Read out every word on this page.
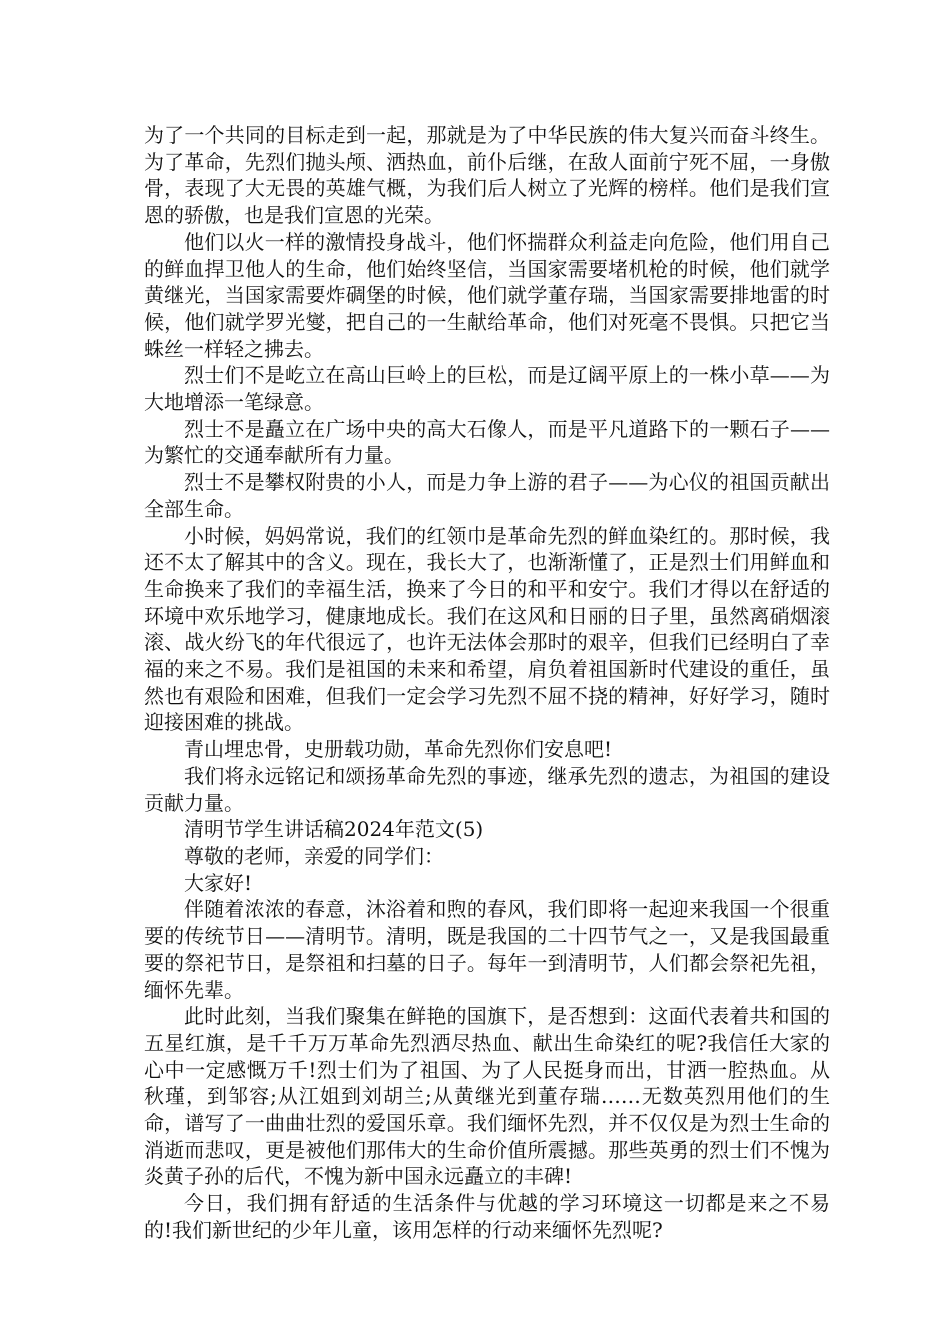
为了一个共同的目标走到一起，那就是为了中华民族的伟大复兴而奋斗终生。为了革命，先烈们抛头颅、洒热血，前仆后继，在敌人面前宁死不屈，一身傲骨，表现了大无畏的英雄气概，为我们后人树立了光辉的榜样。他们是我们宣恩的骄傲，也是我们宣恩的光荣。

他们以火一样的激情投身战斗，他们怀揣群众利益走向危险，他们用自己的鲜血捍卫他人的生命，他们始终坚信，当国家需要堵机枪的时候，他们就学黄继光，当国家需要炸碉堡的时候，他们就学董存瑞，当国家需要排地雷的时候，他们就学罗光燮，把自己的一生献给革命，他们对死毫不畏惧。只把它当蛛丝一样轻之拂去。

烈士们不是屹立在高山巨岭上的巨松，而是辽阔平原上的一株小草——为大地增添一笔绿意。

烈士不是矗立在广场中央的高大石像人，而是平凡道路下的一颗石子——为繁忙的交通奉献所有力量。

烈士不是攀权附贵的小人，而是力争上游的君子——为心仪的祖国贡献出全部生命。

小时候，妈妈常说，我们的红领巾是革命先烈的鲜血染红的。那时候，我还不太了解其中的含义。现在，我长大了，也渐渐懂了，正是烈士们用鲜血和生命换来了我们的幸福生活，换来了今日的和平和安宁。我们才得以在舒适的环境中欢乐地学习，健康地成长。我们在这风和日丽的日子里，虽然离硝烟滚滚、战火纷飞的年代很远了，也许无法体会那时的艰辛，但我们已经明白了幸福的来之不易。我们是祖国的未来和希望，肩负着祖国新时代建设的重任，虽然也有艰险和困难，但我们一定会学习先烈不屈不挠的精神，好好学习，随时迎接困难的挑战。

青山埋忠骨，史册载功勋，革命先烈你们安息吧!

我们将永远铭记和颂扬革命先烈的事迹，继承先烈的遗志，为祖国的建设贡献力量。

清明节学生讲话稿2024年范文(5)

尊敬的老师，亲爱的同学们：

大家好!

伴随着浓浓的春意，沐浴着和煦的春风，我们即将一起迎来我国一个很重要的传统节日——清明节。清明，既是我国的二十四节气之一，又是我国最重要的祭祀节日，是祭祖和扫墓的日子。每年一到清明节，人们都会祭祀先祖，缅怀先辈。

此时此刻，当我们聚集在鲜艳的国旗下，是否想到：这面代表着共和国的五星红旗，是千千万万革命先烈洒尽热血、献出生命染红的呢?我信任大家的心中一定感慨万千!烈士们为了祖国、为了人民挺身而出，甘洒一腔热血。从秋瑾，到邹容;从江姐到刘胡兰;从黄继光到董存瑞……无数英烈用他们的生命，谱写了一曲曲壮烈的爱国乐章。我们缅怀先烈，并不仅仅是为烈士生命的消逝而悲叹，更是被他们那伟大的生命价值所震撼。那些英勇的烈士们不愧为炎黄子孙的后代，不愧为新中国永远矗立的丰碑!

今日，我们拥有舒适的生活条件与优越的学习环境这一切都是来之不易的!我们新世纪的少年儿童，该用怎样的行动来缅怀先烈呢?
